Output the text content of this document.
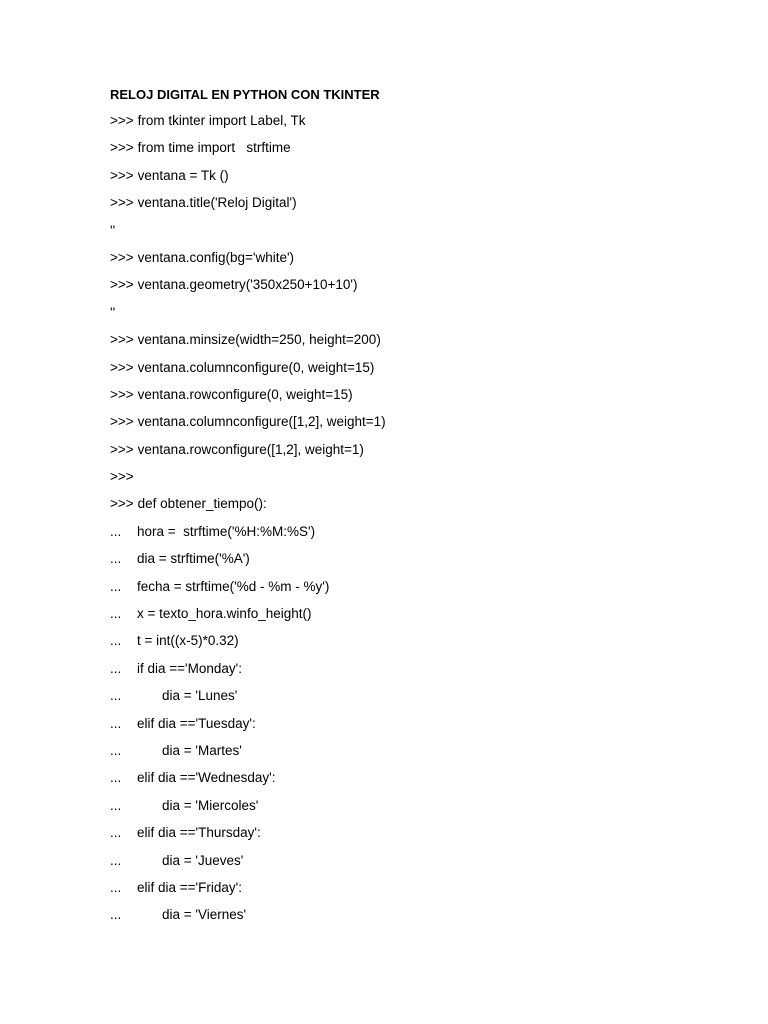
RELOJ DIGITAL EN PYTHON CON TKINTER
>>> from tkinter import Label, Tk
>>> from time import   strftime
>>> ventana = Tk ()
>>> ventana.title('Reloj Digital')
''
>>> ventana.config(bg='white')
>>> ventana.geometry('350x250+10+10')
''
>>> ventana.minsize(width=250, height=200)
>>> ventana.columnconfigure(0, weight=15)
>>> ventana.rowconfigure(0, weight=15)
>>> ventana.columnconfigure([1,2], weight=1)
>>> ventana.rowconfigure([1,2], weight=1)
>>>
>>> def obtener_tiempo():
...	hora =  strftime('%H:%M:%S')
...	dia = strftime('%A')
...	fecha = strftime('%d - %m - %y')
...	x = texto_hora.winfo_height()
...	t = int((x-5)*0.32)
...	if dia =='Monday':
...	dia = 'Lunes'
...	elif dia =='Tuesday':
...	dia = 'Martes'
...	elif dia =='Wednesday':
...	dia = 'Miercoles'
...	elif dia =='Thursday':
...	dia = 'Jueves'
...	elif dia =='Friday':
...	dia = 'Viernes'
